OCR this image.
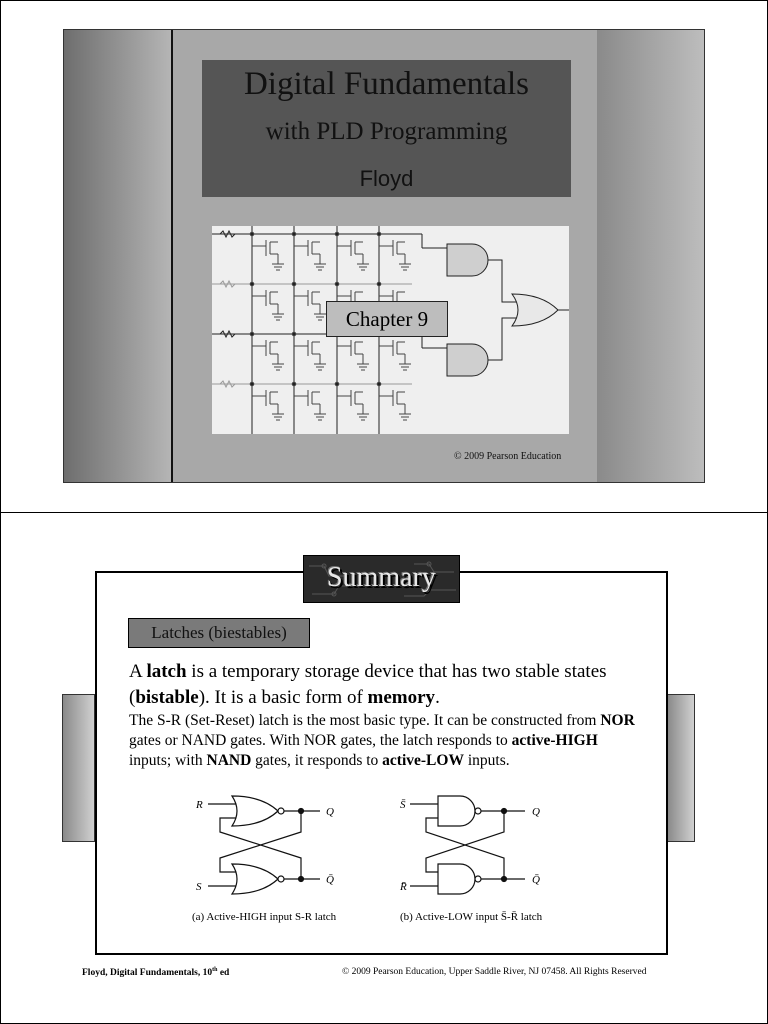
Digital Fundamentals
with PLD Programming
Floyd
Chapter 9
© 2009 Pearson Education
Summary
Latches (biestables)
A latch is a temporary storage device that has two stable states (bistable). It is a basic form of memory.
The S-R (Set-Reset) latch is the most basic type. It can be constructed from NOR gates or NAND gates. With NOR gates, the latch responds to active-HIGH inputs; with NAND gates, it responds to active-LOW inputs.
R
S
Q
Q̄
(a) Active-HIGH input S-R latch
S̄
R̄
Q
Q̄
(b) Active-LOW input S̄-R̄ latch
Floyd, Digital Fundamentals, 10th ed	© 2009 Pearson Education, Upper Saddle River, NJ 07458. All Rights Reserved
